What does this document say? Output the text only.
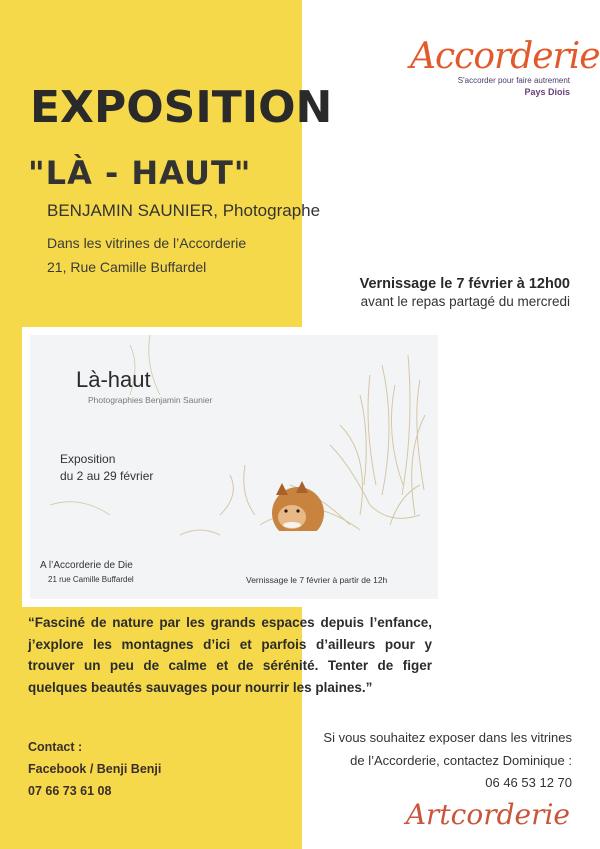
Accorderie
S'accorder pour faire autrement
Pays Diois
EXPOSITION
"LÀ - HAUT"
BENJAMIN SAUNIER, Photographe
Dans les vitrines de l’Accorderie
21, Rue Camille Buffardel
Vernissage le 7 février à 12h00
avant le repas partagé du mercredi
Là-haut
Photographies Benjamin Saunier
Exposition
du 2 au 29 février
A l’Accorderie de Die
21 rue Camille Buffardel	Vernissage le 7 février à partir de 12h
“Fasciné de nature par les grands espaces depuis l’enfance, j’explore les montagnes d’ici et parfois d’ailleurs pour y trouver un peu de calme et de sérénité. Tenter de figer quelques beautés sauvages pour nourrir les plaines.”
Contact :
Facebook / Benji Benji
07 66 73 61 08
Si vous souhaitez exposer dans les vitrines
de l’Accorderie, contactez Dominique :
06 46 53 12 70
Artcorderie
